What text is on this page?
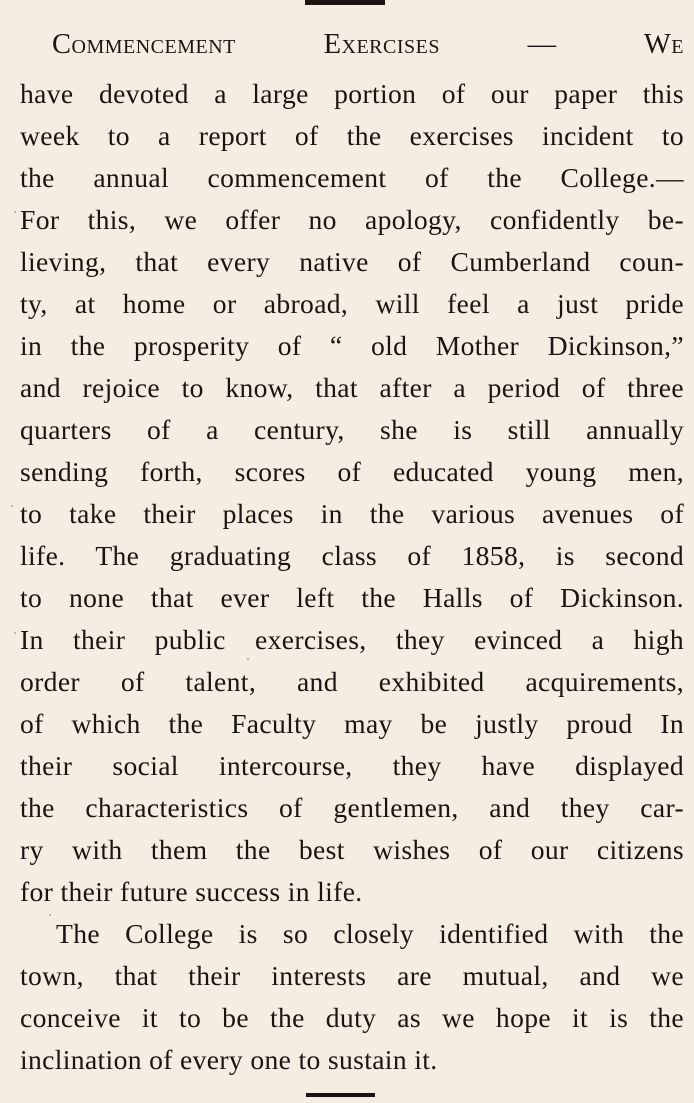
Commencement Exercises — We
have devoted a large portion of our paper this
week to a report of the exercises incident to
the annual commencement of the College.—
For this, we offer no apology, confidently be-
lieving, that every native of Cumberland coun-
ty, at home or abroad, will feel a just pride
in the prosperity of “ old Mother Dickinson,”
and rejoice to know, that after a period of three
quarters of a century, she is still annually
sending forth, scores of educated young men,
to take their places in the various avenues of
life. The graduating class of 1858, is second
to none that ever left the Halls of Dickinson.
In their public exercises, they evinced a high
order of talent, and exhibited acquirements,
of which the Faculty may be justly proud In
their social intercourse, they have displayed
the characteristics of gentlemen, and they car-
ry with them the best wishes of our citizens
for their future success in life.
The College is so closely identified with the
town, that their interests are mutual, and we
conceive it to be the duty as we hope it is the
inclination of every one to sustain it.
